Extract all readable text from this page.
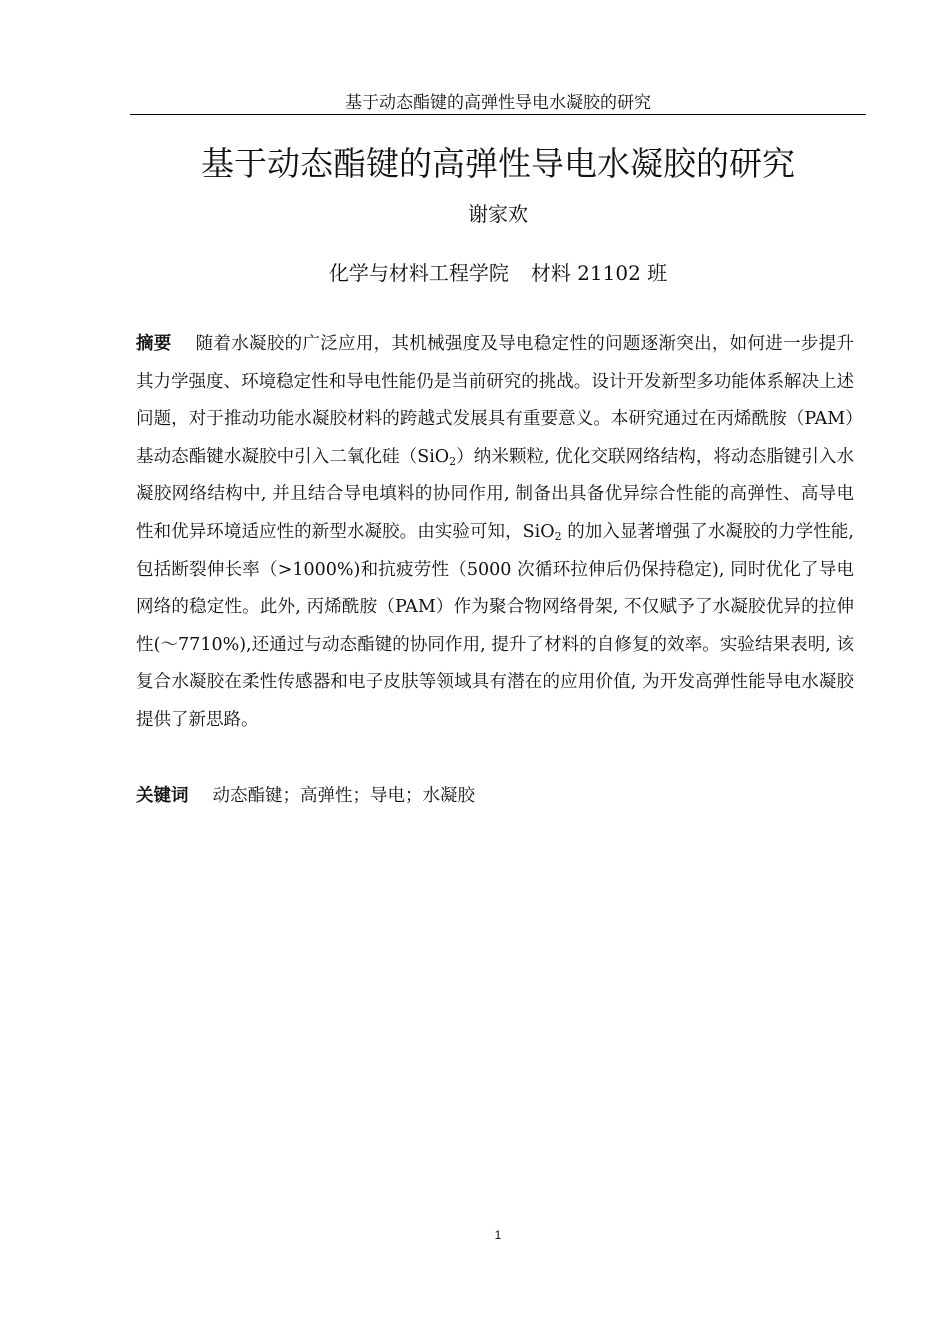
基于动态酯键的高弹性导电水凝胶的研究
基于动态酯键的高弹性导电水凝胶的研究
谢家欢
化学与材料工程学院 材料 21102 班

摘要 随着水凝胶的广泛应用，其机械强度及导电稳定性的问题逐渐突出，如何进一步提升其力学强度、环境稳定性和导电性能仍是当前研究的挑战。设计开发新型多功能体系解决上述问题，对于推动功能水凝胶材料的跨越式发展具有重要意义。本研究通过在丙烯酰胺（PAM）基动态酯键水凝胶中引入二氧化硅（SiO$_2$）纳米颗粒, 优化交联网络结构，将动态脂键引入水凝胶网络结构中, 并且结合导电填料的协同作用, 制备出具备优异综合性能的高弹性、高导电性和优异环境适应性的新型水凝胶。由实验可知，SiO$_2$ 的加入显著增强了水凝胶的力学性能, 包括断裂伸长率（>1000%)和抗疲劳性（5000 次循环拉伸后仍保持稳定), 同时优化了导电网络的稳定性。此外, 丙烯酰胺（PAM）作为聚合物网络骨架, 不仅赋予了水凝胶优异的拉伸性(～7710%),还通过与动态酯键的协同作用, 提升了材料的自修复的效率。实验结果表明, 该复合水凝胶在柔性传感器和电子皮肤等领域具有潜在的应用价值, 为开发高弹性能导电水凝胶提供了新思路。

关键词 动态酯键；高弹性；导电；水凝胶

1
